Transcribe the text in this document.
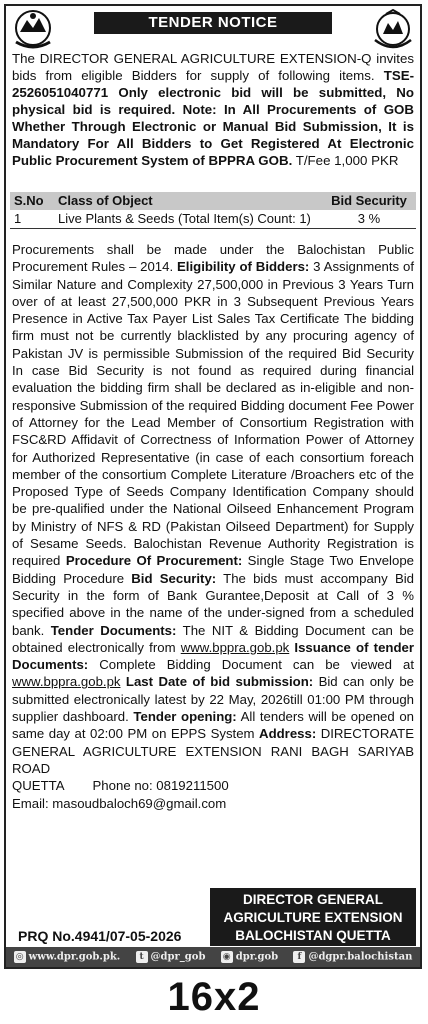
TENDER NOTICE
The DIRECTOR GENERAL AGRICULTURE EXTENSION-Q invites bids from eligible Bidders for supply of following items. TSE-2526051040771 Only electronic bid will be submitted, No physical bid is required. Note: In All Procurements of GOB Whether Through Electronic or Manual Bid Submission, It is Mandatory For All Bidders to Get Registered At Electronic Public Procurement System of BPPRA GOB. T/Fee 1,000 PKR
S.No	Class of Object	Bid Security
1	Live Plants & Seeds (Total Item(s) Count: 1)	3 %
Procurements shall be made under the Balochistan Public Procurement Rules – 2014. Eligibility of Bidders: 3 Assignments of Similar Nature and Complexity 27,500,000 in Previous 3 Years Turn over of at least 27,500,000 PKR in 3 Subsequent Previous Years Presence in Active Tax Payer List Sales Tax Certificate The bidding firm must not be currently blacklisted by any procuring agency of Pakistan JV is permissible Submission of the required Bid Security In case Bid Security is not found as required during financial evaluation the bidding firm shall be declared as in-eligible and non-responsive Submission of the required Bidding document Fee Power of Attorney for the Lead Member of Consortium Registration with FSC&RD Affidavit of Correctness of Information Power of Attorney for Authorized Representative (in case of each consortium foreach member of the consortium Complete Literature /Broachers etc of the Proposed Type of Seeds Company Identification Company should be pre-qualified under the National Oilseed Enhancement Program by Ministry of NFS & RD (Pakistan Oilseed Department) for Supply of Sesame Seeds. Balochistan Revenue Authority Registration is required Procedure Of Procurement: Single Stage Two Envelope Bidding Procedure Bid Security: The bids must accompany Bid Security in the form of Bank Gurantee,Deposit at Call of 3 % specified above in the name of the under-signed from a scheduled bank. Tender Documents: The NIT & Bidding Document can be obtained electronically from www.bppra.gob.pk Issuance of tender Documents: Complete Bidding Document can be viewed at www.bppra.gob.pk Last Date of bid submission: Bid can only be submitted electronically latest by 22 May, 2026till 01:00 PM through supplier dashboard. Tender opening: All tenders will be opened on same day at 02:00 PM on EPPS System Address: DIRECTORATE GENERAL AGRICULTURE EXTENSION RANI BAGH SARIYAB ROAD
QUETTA Phone no: 0819211500
Email: masoudbaloch69@gmail.com
PRQ No.4941/07-05-2026
DIRECTOR GENERAL
AGRICULTURE EXTENSION
BALOCHISTAN QUETTA
◎ www.dpr.gob.pk.	t @dpr_gob ◉ dpr.gob	f @dgpr.balochistan
16x2
